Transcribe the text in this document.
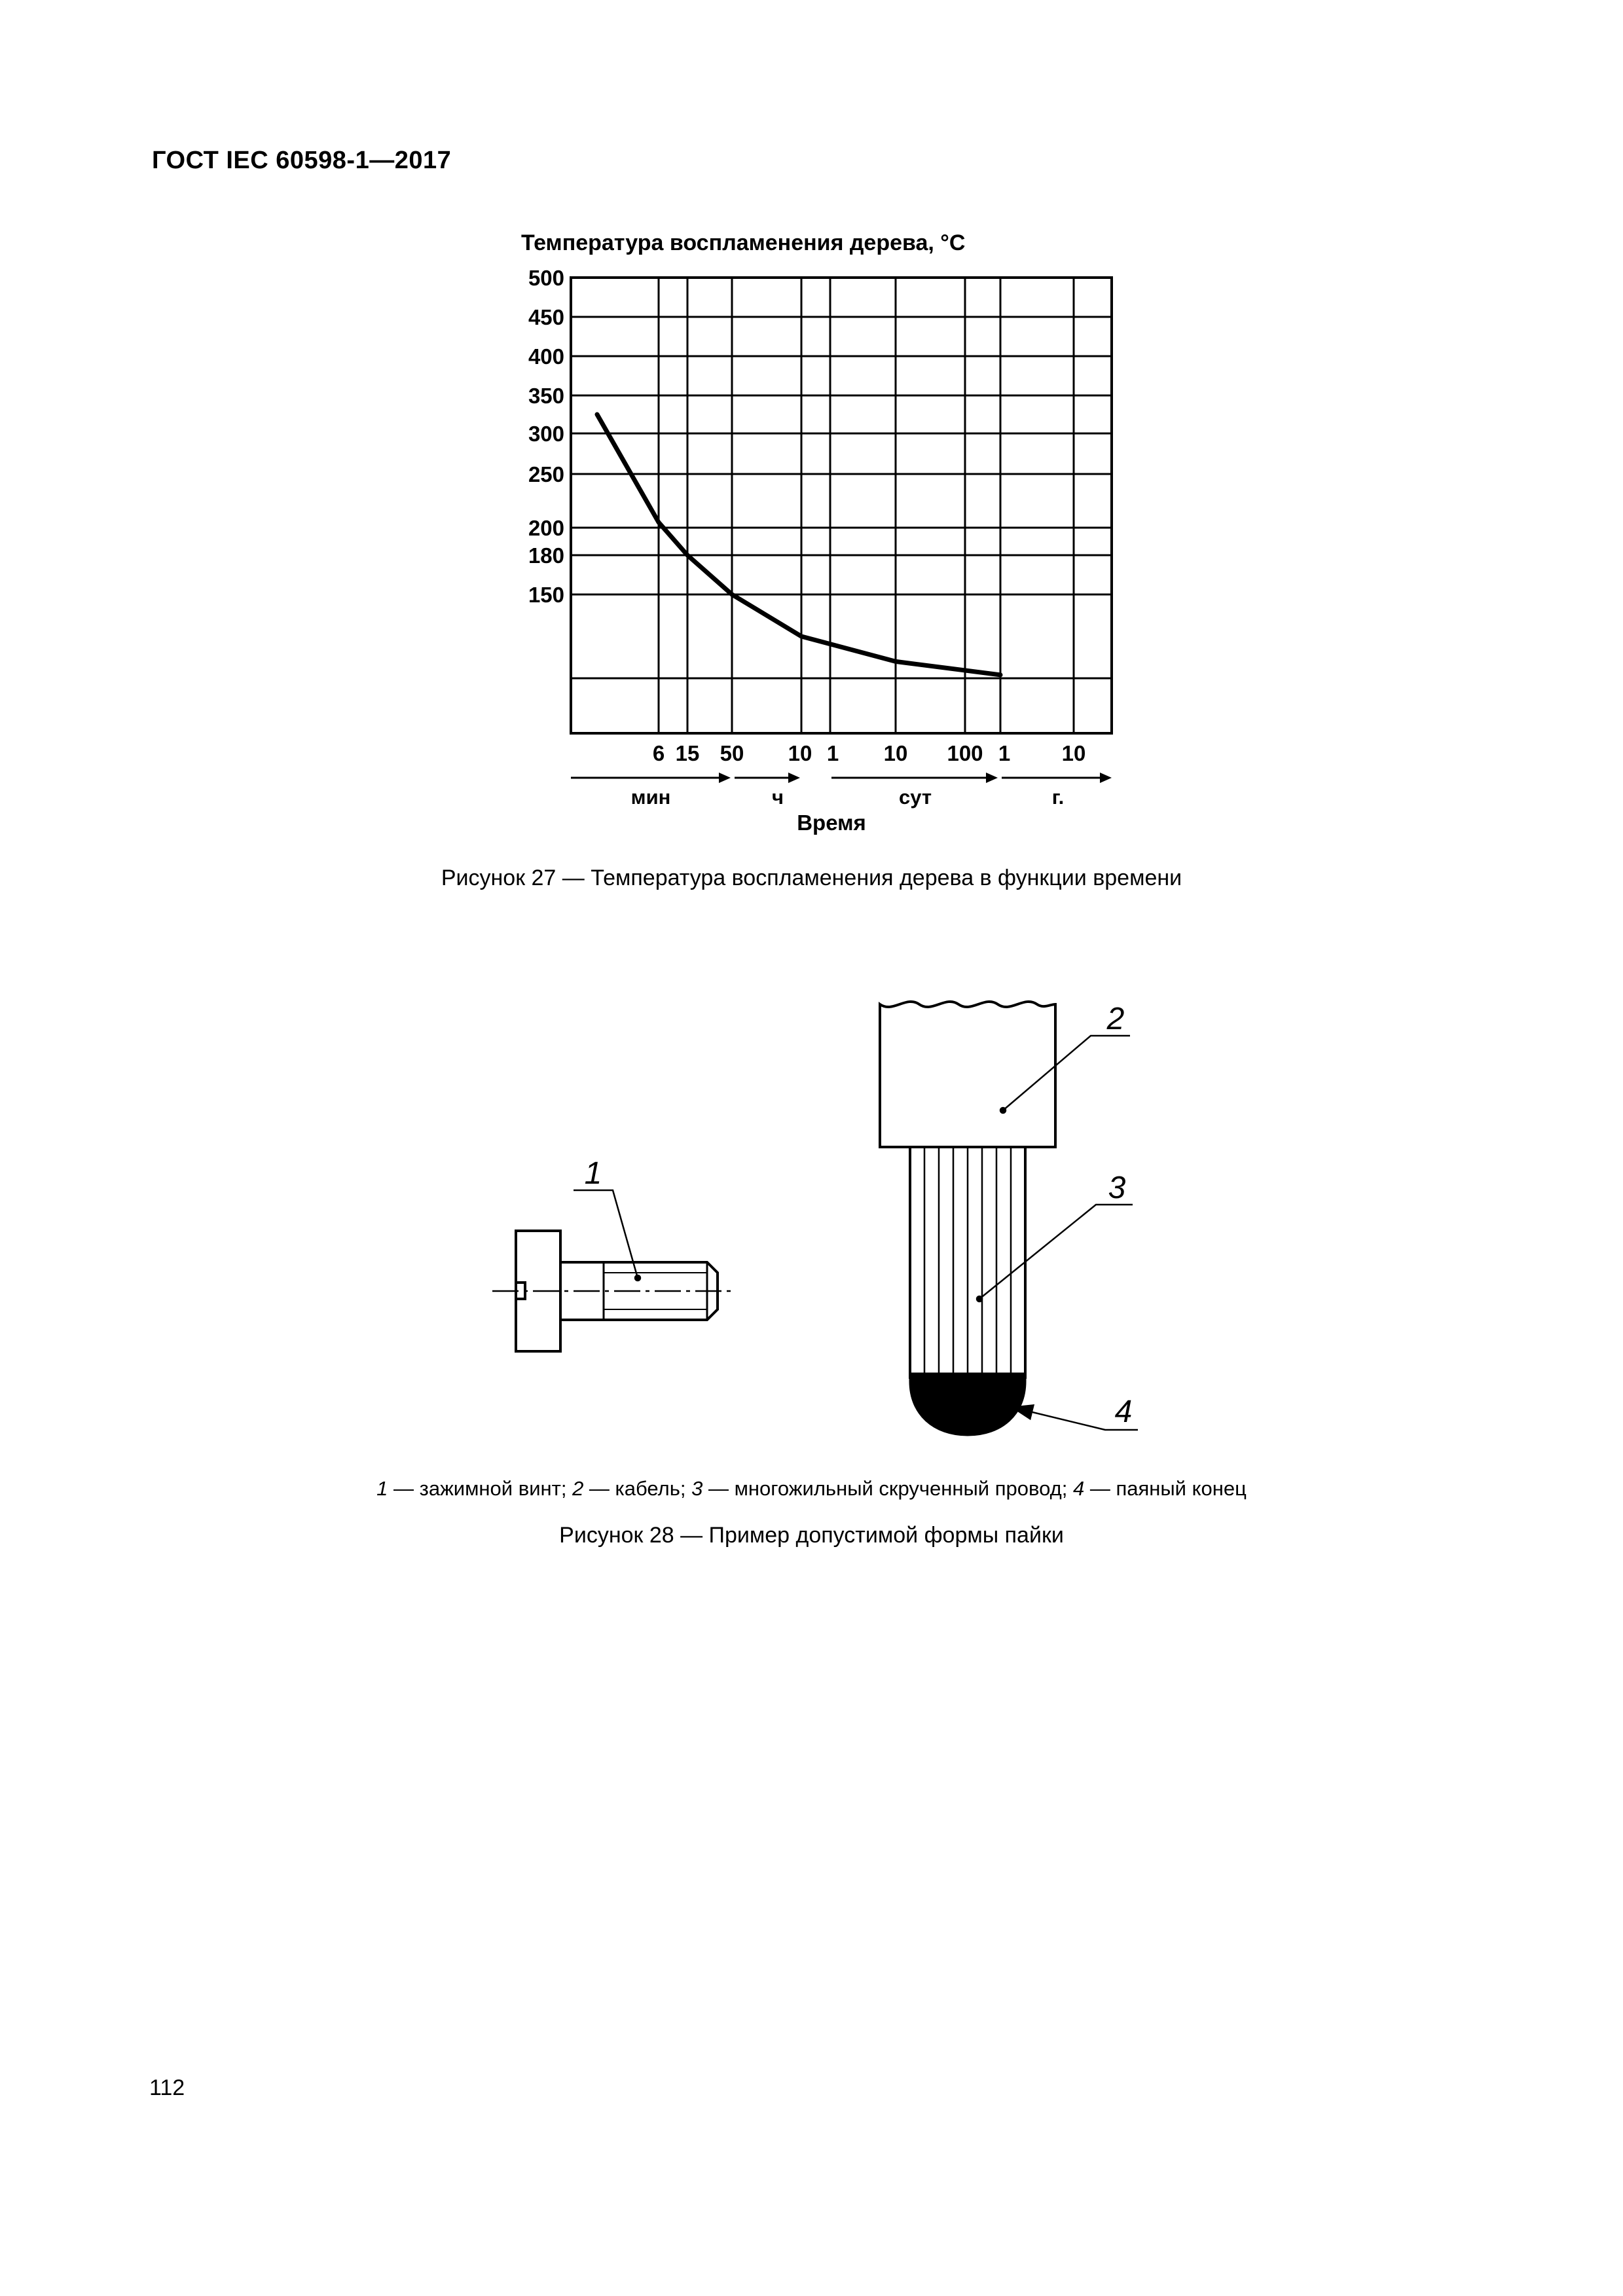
ГОСТ IEC 60598-1—2017
Температура воспламенения дерева, °С
500
450
400
350
300
250
200
180
150
6 15 50 10 1 10 100 1 10
мин	ч	сут	г.
Время
Рисунок 27 — Температура воспламенения дерева в функции времени
1
2
3
4
1 — зажимной винт; 2 — кабель; 3 — многожильный скрученный провод; 4 — паяный конец
Рисунок 28 — Пример допустимой формы пайки
112
